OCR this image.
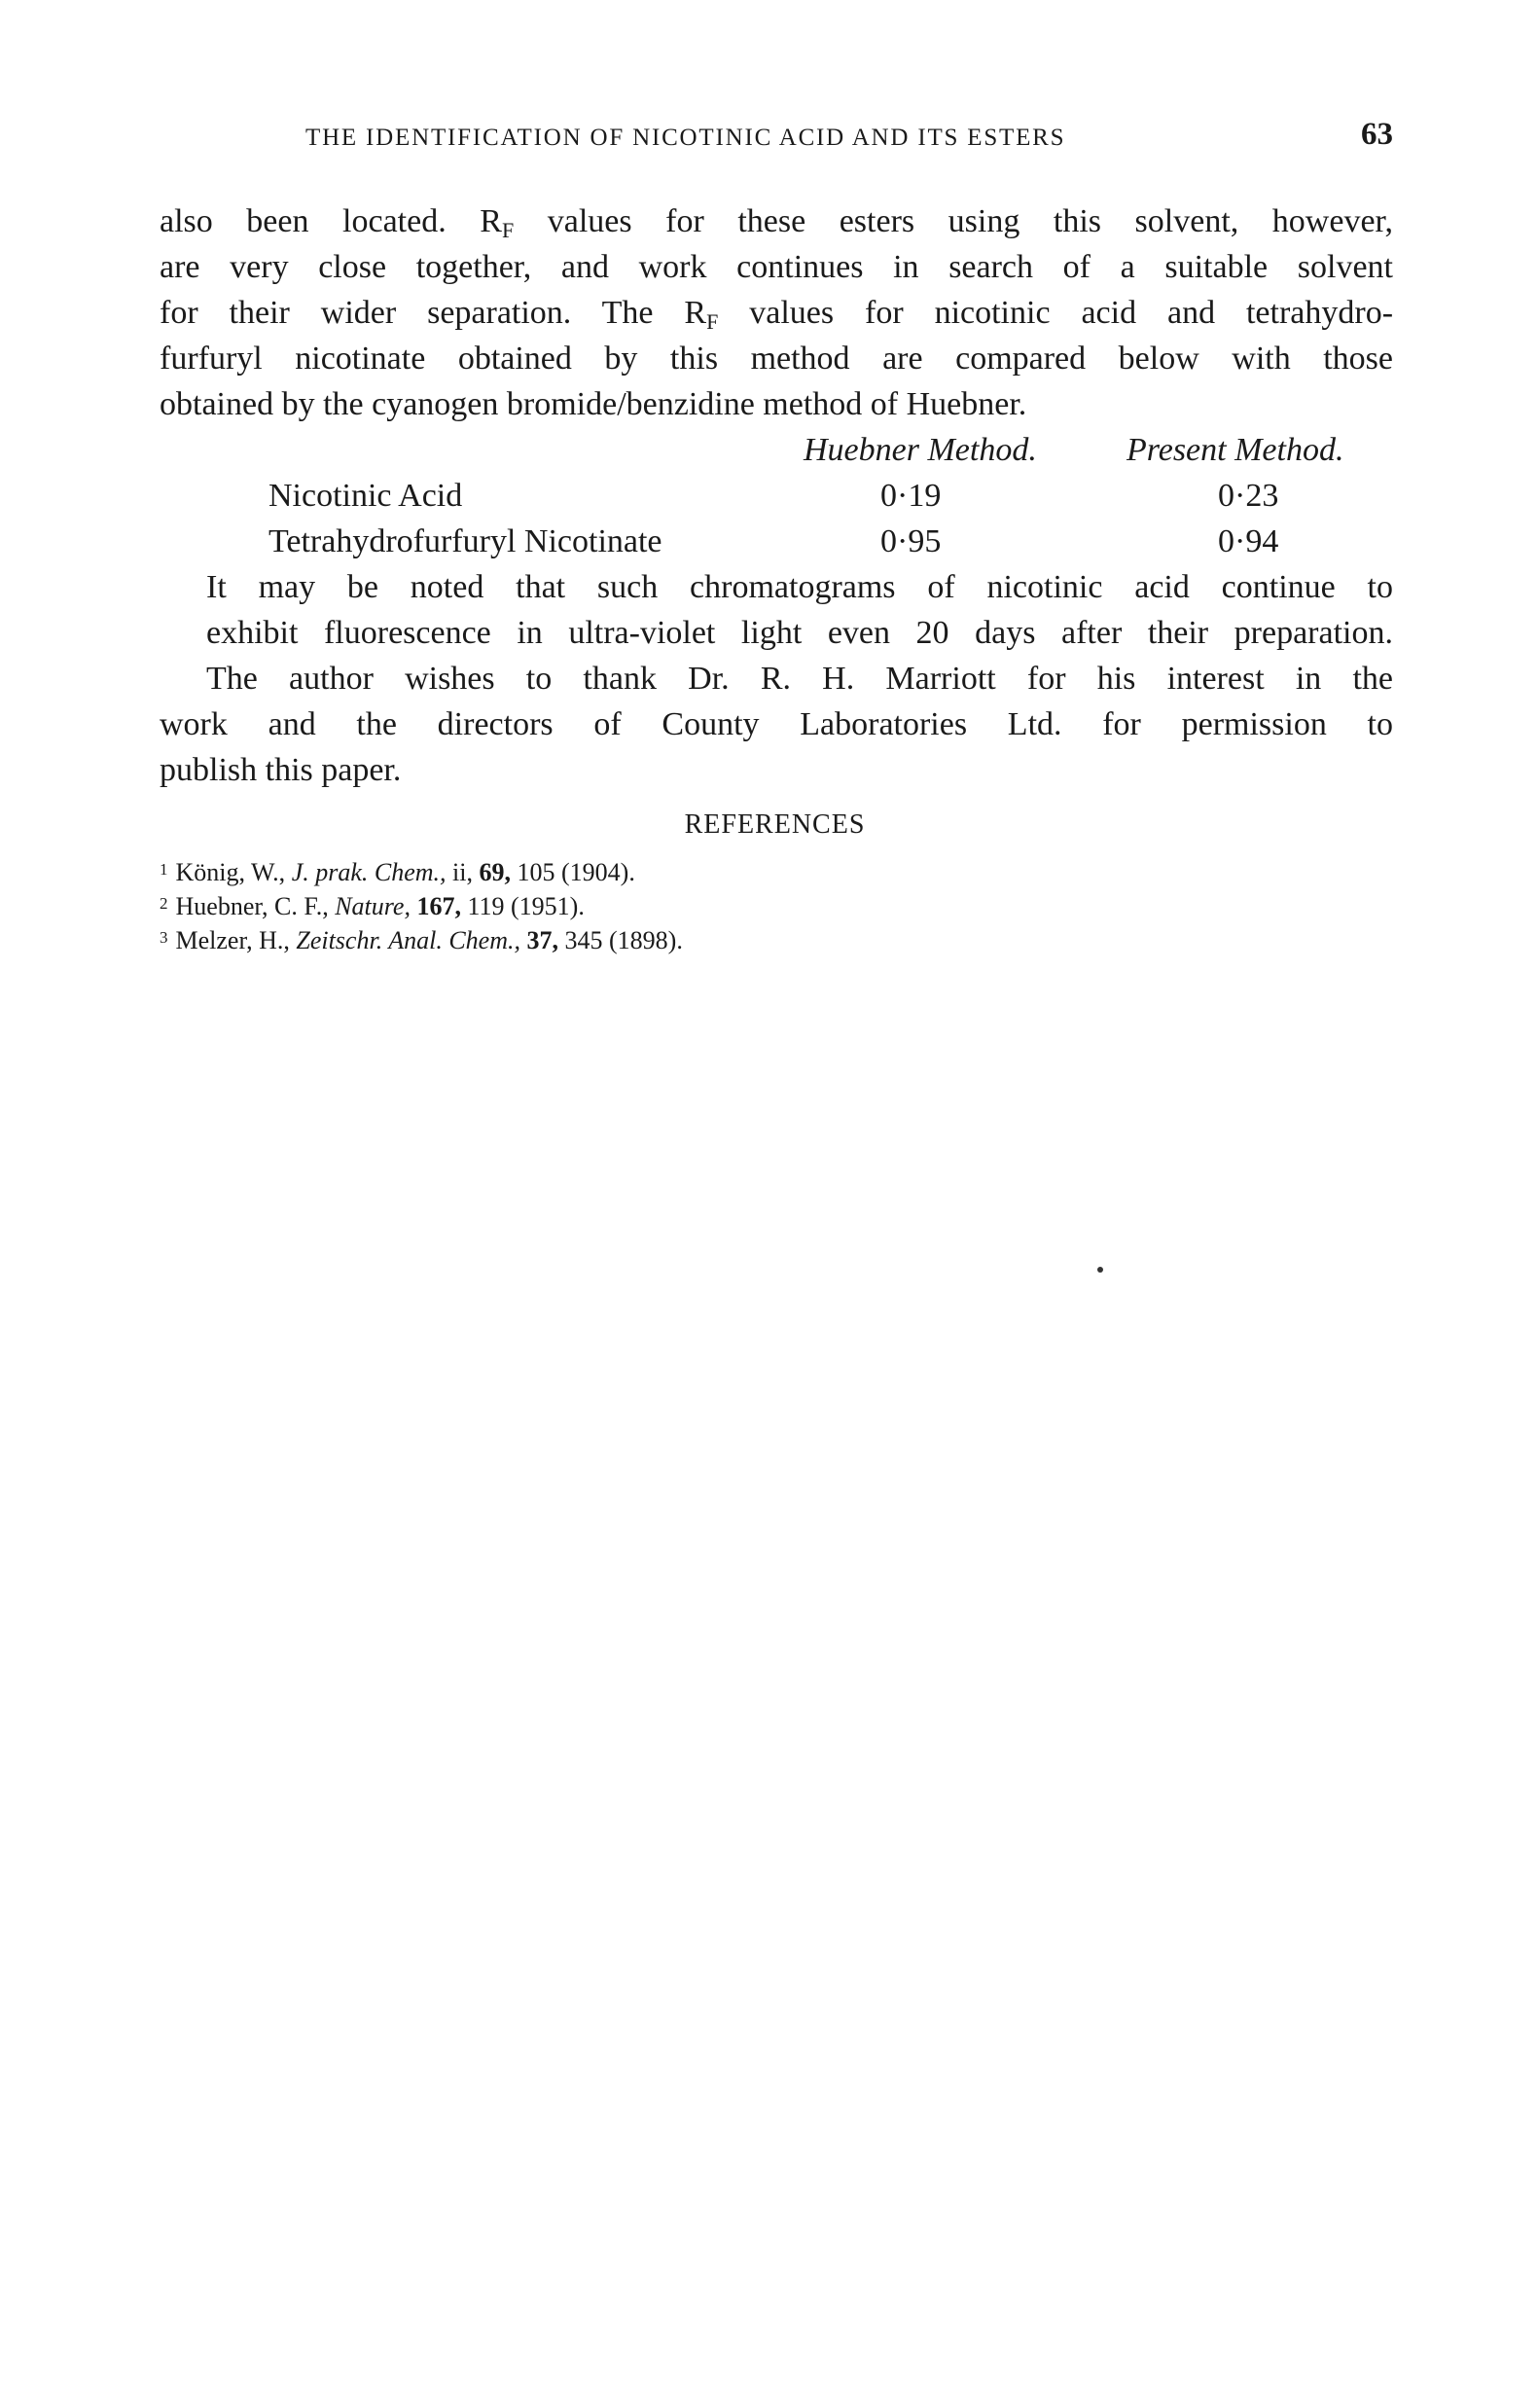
THE IDENTIFICATION OF NICOTINIC ACID AND ITS ESTERS	63

also been located. $R_F$ values for these esters using this solvent, however,
are very close together, and work continues in search of a suitable solvent
for their wider separation. The $R_F$ values for nicotinic acid and tetrahydro-
furfuryl nicotinate obtained by this method are compared below with those
obtained by the cyanogen bromide/benzidine method of Huebner.

Huebner Method.	Present Method.
Nicotinic Acid	0·19	0·23
Tetrahydrofurfuryl Nicotinate	0·95	0·94

It may be noted that such chromatograms of nicotinic acid continue to
exhibit fluorescence in ultra-violet light even 20 days after their preparation.

The author wishes to thank Dr. R. H. Marriott for his interest in the
work and the directors of County Laboratories Ltd. for permission to
publish this paper.

REFERENCES
$^1$ König, W., J. prak. Chem., ii, 69, 105 (1904).
$^2$ Huebner, C. F., Nature, 167, 119 (1951).
$^3$ Melzer, H., Zeitschr. Anal. Chem., 37, 345 (1898).
